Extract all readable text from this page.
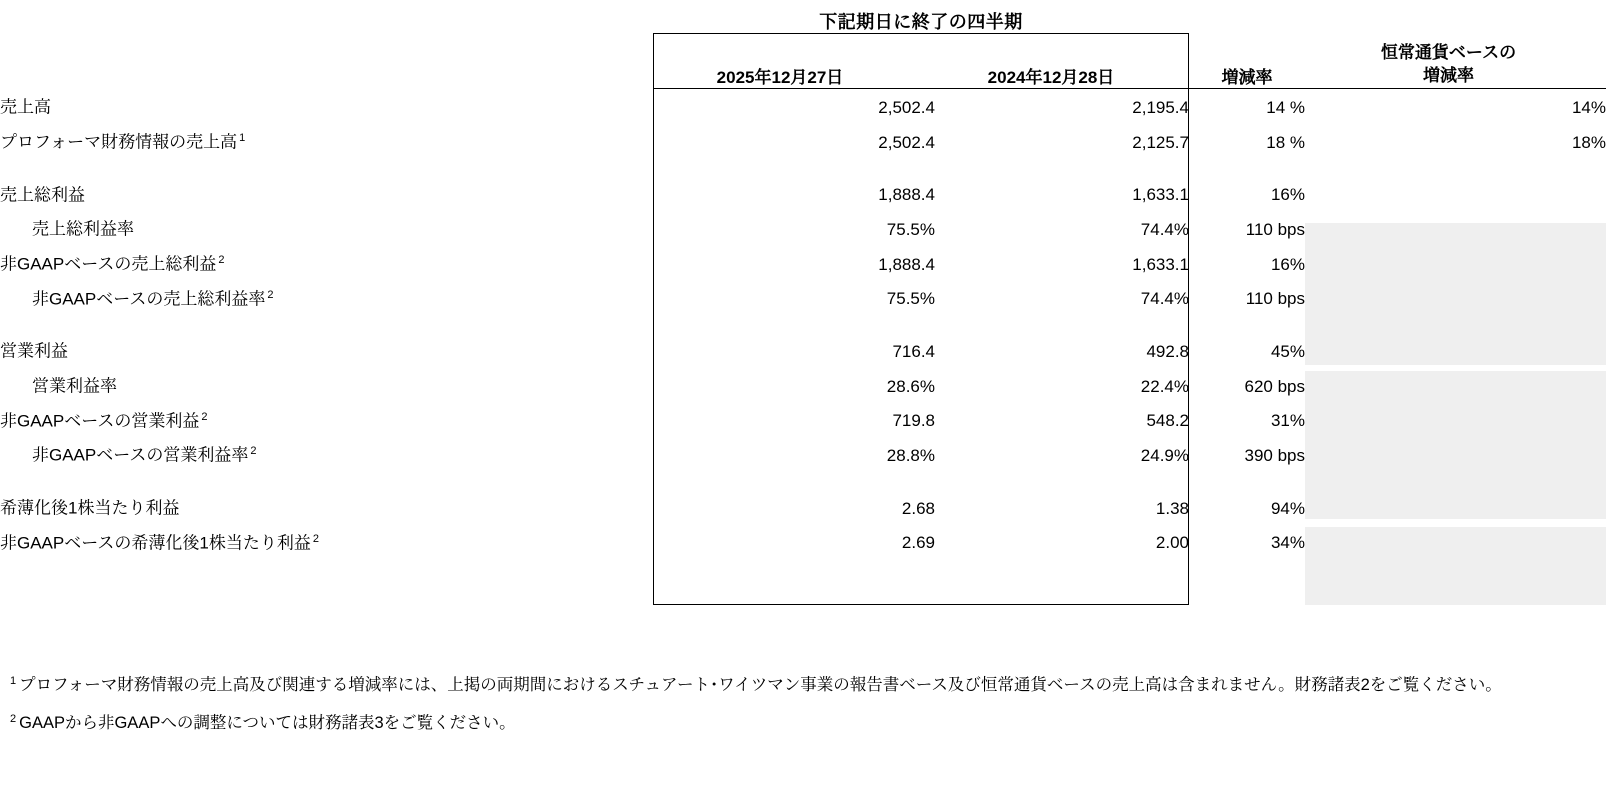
下記期日に終了の四半期

	2025年12月27日	2024年12月28日	増減率	恒常通貨ベースの
増減率

売上高	2,502.4	2,195.4	14 %	14%
プロフォーマ財務情報の売上高 $^1$	2,502.4	2,125.7	18 %	18%

売上総利益	1,888.4	1,633.1	16%	
売上総利益率	75.5%	74.4%	110 bps	
非GAAPベースの売上総利益 $^2$	1,888.4	1,633.1	16%	
非GAAPベースの売上総利益率 $^2$	75.5%	74.4%	110 bps	

営業利益	716.4	492.8	45%	
営業利益率	28.6%	22.4%	620 bps	
非GAAPベースの営業利益 $^2$	719.8	548.2	31%	
非GAAPベースの営業利益率 $^2$	28.8%	24.9%	390 bps	

希薄化後1株当たり利益	2.68	1.38	94%	
非GAAPベースの希薄化後1株当たり利益 $^2$	2.69	2.00	34%	

$^1$ プロフォーマ財務情報の売上高及び関連する増減率には、上掲の両期間におけるスチュアート･ワイツマン事業の報告書ベース及び恒常通貨ベースの売上高は含まれません。財務諸表2をご覧ください。

$^2$ GAAPから非GAAPへの調整については財務諸表3をご覧ください。
